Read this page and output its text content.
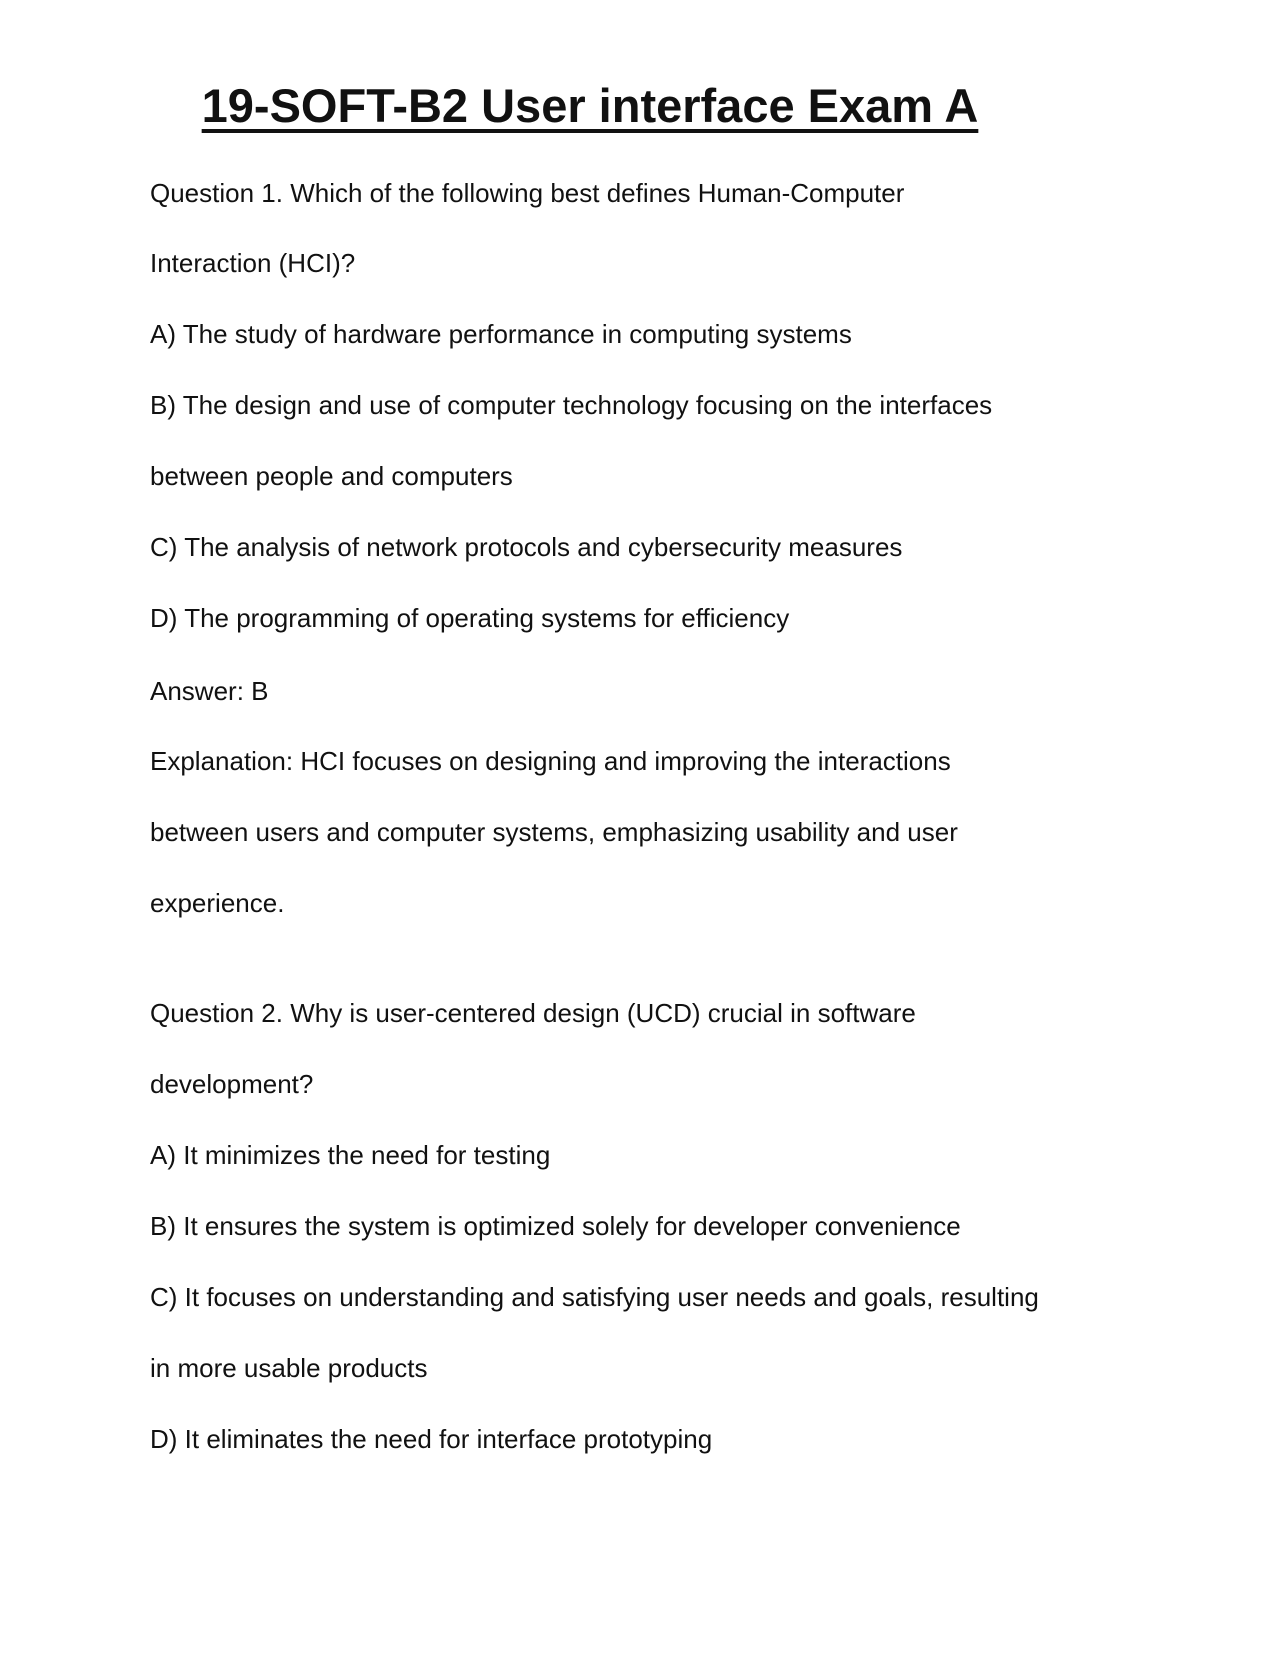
19-SOFT-B2 User interface Exam A
Question 1. Which of the following best defines Human-Computer
Interaction (HCI)?
A) The study of hardware performance in computing systems
B) The design and use of computer technology focusing on the interfaces
between people and computers
C) The analysis of network protocols and cybersecurity measures
D) The programming of operating systems for efficiency
Answer: B
Explanation: HCI focuses on designing and improving the interactions
between users and computer systems, emphasizing usability and user
experience.
Question 2. Why is user-centered design (UCD) crucial in software
development?
A) It minimizes the need for testing
B) It ensures the system is optimized solely for developer convenience
C) It focuses on understanding and satisfying user needs and goals, resulting
in more usable products
D) It eliminates the need for interface prototyping
